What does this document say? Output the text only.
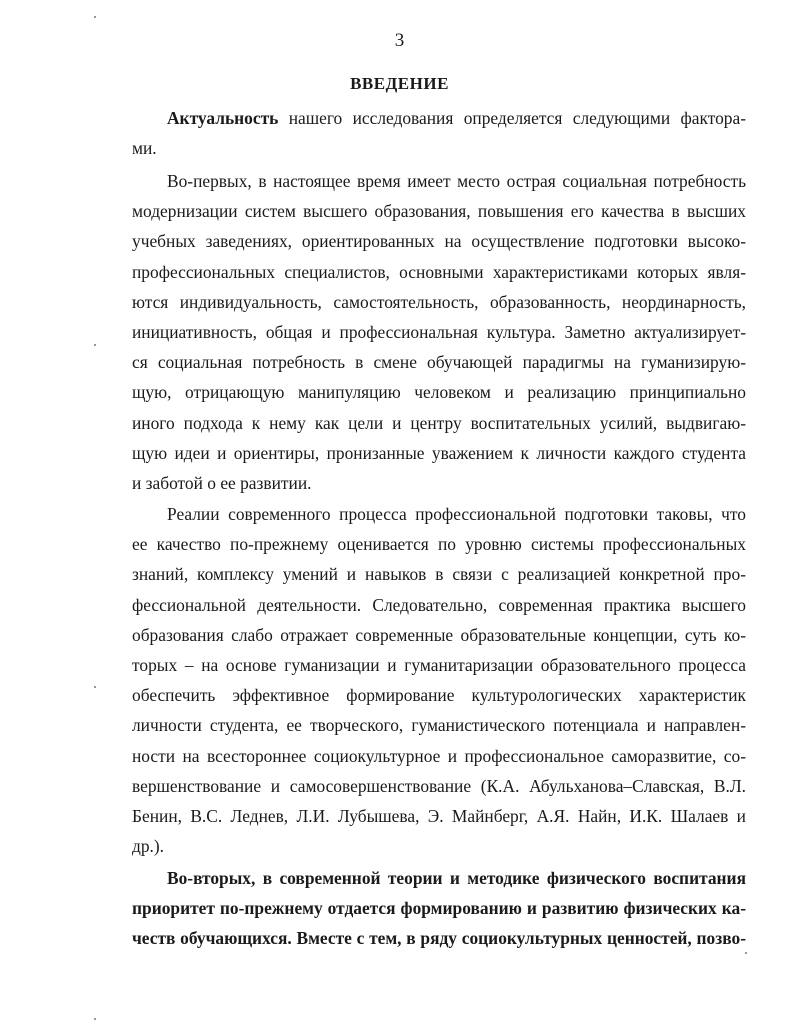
3
ВВЕДЕНИЕ
Актуальность нашего исследования определяется следующими фактора-
ми.
Во-первых, в настоящее время имеет место острая социальная потребность
модернизации систем высшего образования, повышения его качества в высших
учебных заведениях, ориентированных на осуществление подготовки высоко-
профессиональных специалистов, основными характеристиками которых явля-
ются индивидуальность, самостоятельность, образованность, неординарность,
инициативность, общая и профессиональная культура. Заметно актуализирует-
ся социальная потребность в смене обучающей парадигмы на гуманизирую-
щую, отрицающую манипуляцию человеком и реализацию принципиально
иного подхода к нему как цели и центру воспитательных усилий, выдвигаю-
щую идеи и ориентиры, пронизанные уважением к личности каждого студента
и заботой о ее развитии.
Реалии современного процесса профессиональной подготовки таковы, что
ее качество по-прежнему оценивается по уровню системы профессиональных
знаний, комплексу умений и навыков в связи с реализацией конкретной про-
фессиональной деятельности. Следовательно, современная практика высшего
образования слабо отражает современные образовательные концепции, суть ко-
торых – на основе гуманизации и гуманитаризации образовательного процесса
обеспечить эффективное формирование культурологических характеристик
личности студента, ее творческого, гуманистического потенциала и направлен-
ности на всестороннее социокультурное и профессиональное саморазвитие, со-
вершенствование и самосовершенствование (К.А. Абульханова–Славская, В.Л.
Бенин, В.С. Леднев, Л.И. Лубышева, Э. Майнберг, А.Я. Найн, И.К. Шалаев и
др.).
Во-вторых, в современной теории и методике физического воспитания
приоритет по-прежнему отдается формированию и развитию физических ка-
честв обучающихся. Вместе с тем, в ряду социокультурных ценностей, позво-
